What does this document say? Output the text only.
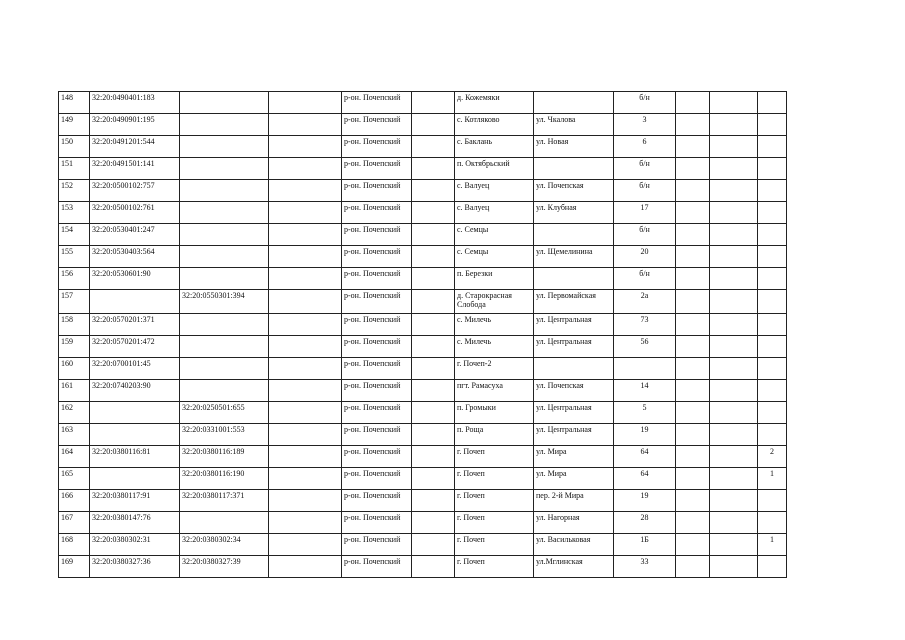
148	32:20:0490401:183			р-он. Почепский		д. Кожемяки		б/н			
149	32:20:0490901:195			р-он. Почепский		с. Котляково	ул. Чкалова	3			
150	32:20:0491201:544			р-он. Почепский		с. Баклань	ул. Новая	6			
151	32:20:0491501:141			р-он. Почепский		п. Октябрьский		б/н			
152	32:20:0500102:757			р-он. Почепский		с. Валуец	ул. Почепская	б/н			
153	32:20:0500102:761			р-он. Почепский		с. Валуец	ул. Клубная	17			
154	32:20:0530401:247			р-он. Почепский		с. Семцы		б/н			
155	32:20:0530403:564			р-он. Почепский		с. Семцы	ул. Щемелинина	20			
156	32:20:0530601:90			р-он. Почепский		п. Березки		б/н			
157		32:20:0550301:394		р-он. Почепский		д. Старокрасная Слобода	ул. Первомайская	2а			
158	32:20:0570201:371			р-он. Почепский		с. Милечь	ул. Центральная	73			
159	32:20:0570201:472			р-он. Почепский		с. Милечь	ул. Центральная	56			
160	32:20:0700101:45			р-он. Почепский		г. Почеп-2					
161	32:20:0740203:90			р-он. Почепский		пгт. Рамасуха	ул. Почепская	14			
162		32:20:0250501:655		р-он. Почепский		п. Громыки	ул. Центральная	5			
163		32:20:0331001:553		р-он. Почепский		п. Роща	ул. Центральная	19			
164	32:20:0380116:81	32:20:0380116:189		р-он. Почепский		г. Почеп	ул. Мира	64			2
165		32:20:0380116:190		р-он. Почепский		г. Почеп	ул. Мира	64			1
166	32:20:0380117:91	32:20:0380117:371		р-он. Почепский		г. Почеп	пер. 2-й Мира	19			
167	32:20:0380147:76			р-он. Почепский		г. Почеп	ул. Нагорная	28			
168	32:20:0380302:31	32:20:0380302:34		р-он. Почепский		г. Почеп	ул. Васильковая	1Б			1
169	32:20:0380327:36	32:20:0380327:39		р-он. Почепский		г. Почеп	ул.Мглинская	33			
